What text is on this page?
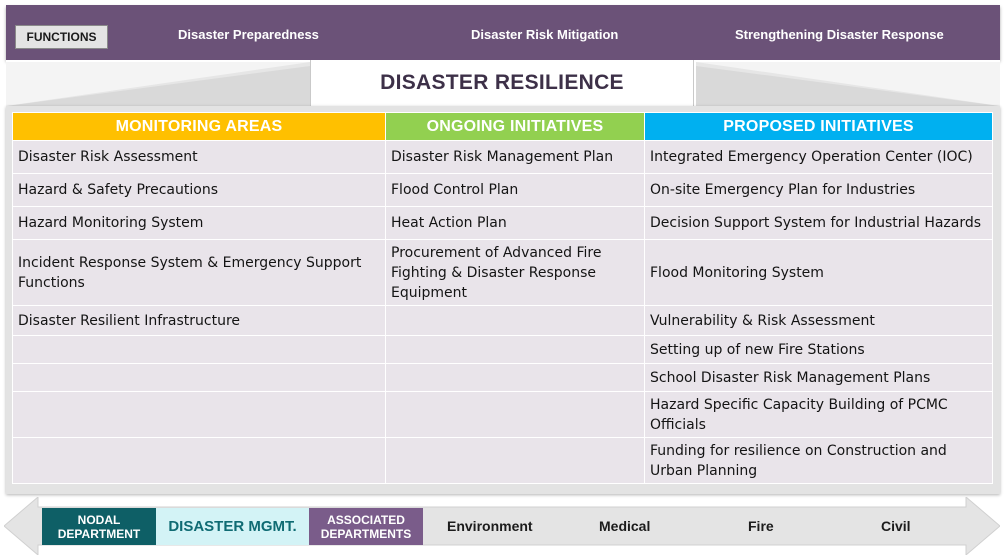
FUNCTIONS	Disaster Preparedness	Disaster Risk Mitigation	Strengthening Disaster Response
DISASTER RESILIENCE
MONITORING AREAS	ONGOING INITIATIVES	PROPOSED INITIATIVES
Disaster Risk Assessment	Disaster Risk Management Plan	Integrated Emergency Operation Center (IOC)
Hazard & Safety Precautions	Flood Control Plan	On-site Emergency Plan for Industries
Hazard Monitoring System	Heat Action Plan	Decision Support System for Industrial Hazards
Incident Response System & Emergency Support Functions	Procurement of Advanced Fire Fighting & Disaster Response Equipment	Flood Monitoring System
Disaster Resilient Infrastructure		Vulnerability & Risk Assessment
		Setting up of new Fire Stations
		School Disaster Risk Management Plans
		Hazard Specific Capacity Building of PCMC Officials
		Funding for resilience on Construction and Urban Planning
NODAL DEPARTMENT	DISASTER MGMT.	ASSOCIATED DEPARTMENTS	Environment	Medical	Fire	Civil
